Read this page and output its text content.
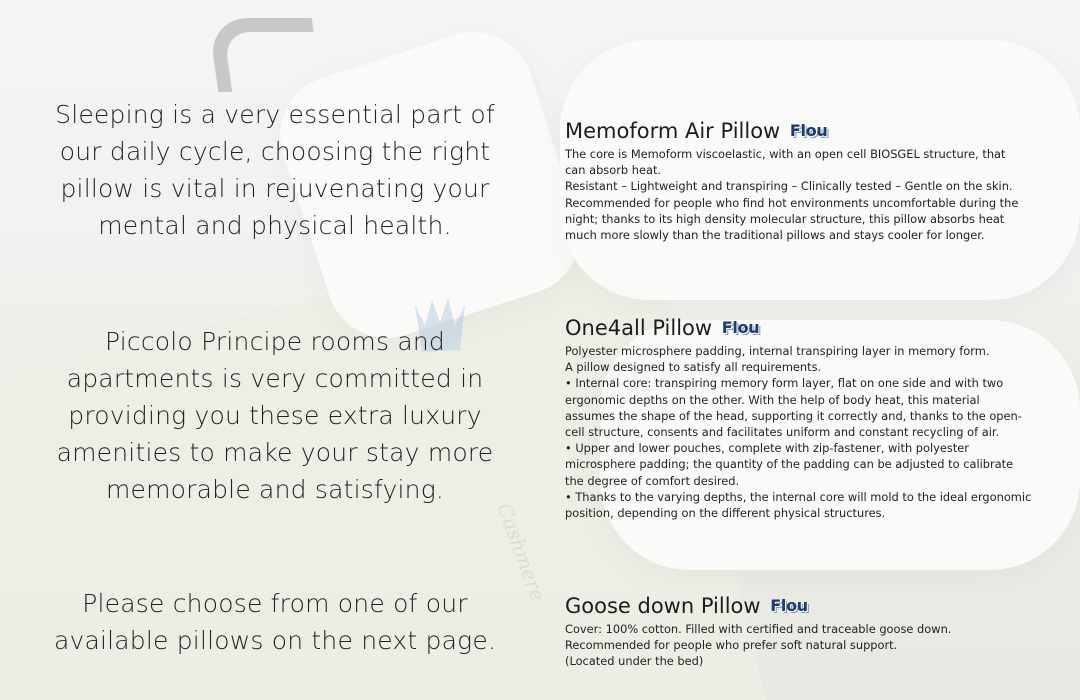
Cashmere

Sleeping is a very essential part of
our daily cycle, choosing the right
pillow is vital in rejuvenating your
mental and physical health.

Piccolo Principe rooms and
apartments is very committed in
providing you these extra luxury
amenities to make your stay more
memorable and satisfying.

Please choose from one of our
available pillows on the next page.

Memoform Air Pillow Flou
The core is Memoform viscoelastic, with an open cell BIOSGEL structure, that
can absorb heat.
Resistant – Lightweight and transpiring – Clinically tested – Gentle on the skin.
Recommended for people who find hot environments uncomfortable during the
night; thanks to its high density molecular structure, this pillow absorbs heat
much more slowly than the traditional pillows and stays cooler for longer.
One4all Pillow Flou
Polyester microsphere padding, internal transpiring layer in memory form.
A pillow designed to satisfy all requirements.
• Internal core: transpiring memory form layer, flat on one side and with two
ergonomic depths on the other. With the help of body heat, this material
assumes the shape of the head, supporting it correctly and, thanks to the open-
cell structure, consents and facilitates uniform and constant recycling of air.
• Upper and lower pouches, complete with zip-fastener, with polyester
microsphere padding; the quantity of the padding can be adjusted to calibrate
the degree of comfort desired.
• Thanks to the varying depths, the internal core will mold to the ideal ergonomic
position, depending on the different physical structures.
Goose down Pillow Flou
Cover: 100% cotton. Filled with certified and traceable goose down.
Recommended for people who prefer soft natural support.
(Located under the bed)
